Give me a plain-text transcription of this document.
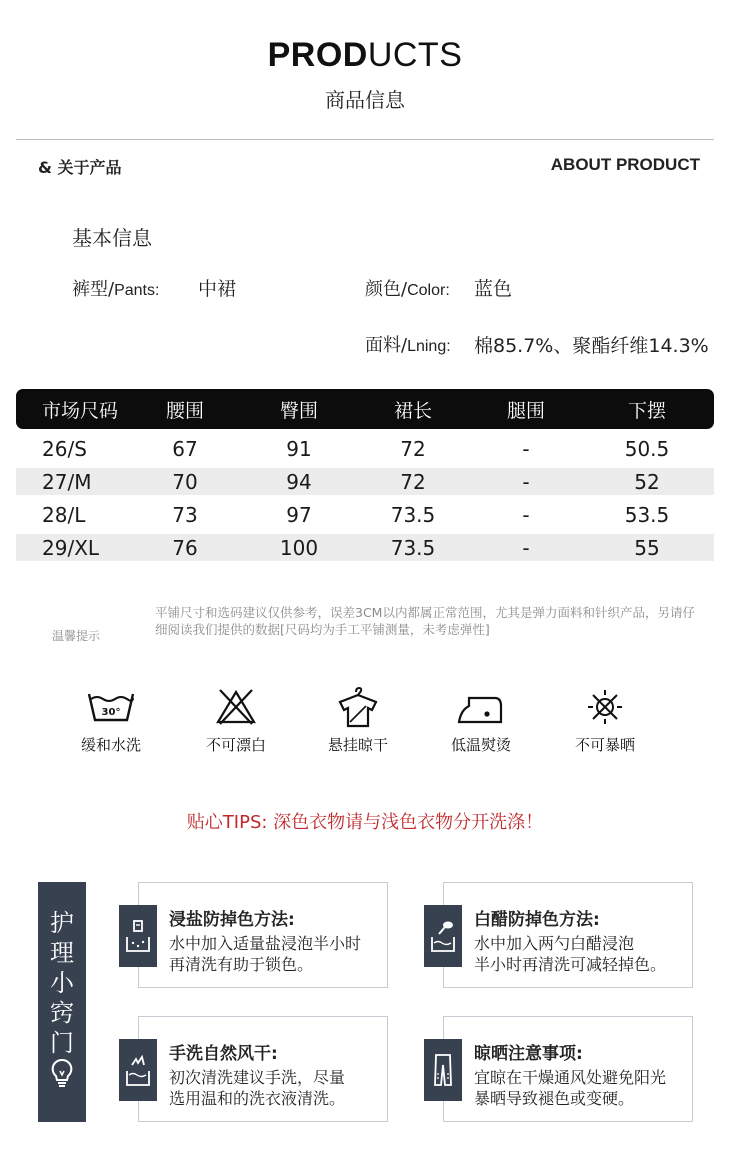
PRODUCTS
商品信息
& 关于产品	ABOUT PRODUCT
基本信息
裤型/Pants: 中裙	颜色/Color: 蓝色
面料/Lning: 棉85.7%、聚酯纤维14.3%
市场尺码	腰围	臀围	裙长	腿围	下摆
26/S	67	91	72	-	50.5
27/M	70	94	72	-	52
28/L	73	97	73.5	-	53.5
29/XL	76	100	73.5	-	55
平铺尺寸和选码建议仅供参考，误差3CM以内都属正常范围，尤其是弹力面料和针织产品，另请仔细阅读我们提供的数据[尺码均为手工平铺测量，未考虑弹性]
温馨提示
30°
缓和水洗	不可漂白	悬挂晾干	低温熨烫	不可暴晒
贴心TIPS: 深色衣物请与浅色衣物分开洗涤！
护
理
小
窍
门
浸盐防掉色方法:
水中加入适量盐浸泡半小时
再清洗有助于锁色。
白醋防掉色方法:
水中加入两勺白醋浸泡
半小时再清洗可减轻掉色。
手洗自然风干:
初次清洗建议手洗，尽量
选用温和的洗衣液清洗。
晾晒注意事项:
宜晾在干燥通风处避免阳光
暴晒导致褪色或变硬。
